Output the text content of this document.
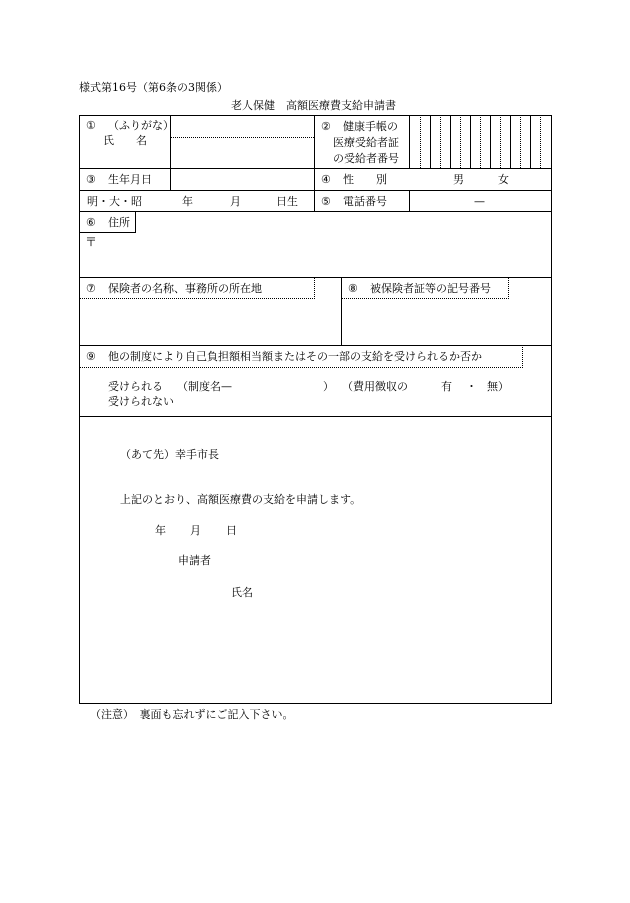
様式第16号（第6条の3関係）
老人保健　高額医療費支給申請書
① （ふりがな）
氏　　名
② 健康手帳の
医療受給者証
の受給者番号
③ 生年月日
明・大・昭	年	月	日生
④ 性　　別	男	女
⑤ 電話番号	—
⑥ 住所
〒
⑦ 保険者の名称、事務所の所在地	⑧ 被保険者証等の記号番号
⑨ 他の制度により自己負担額相当額またはその一部の支給を受けられるか否か
受けられる （制度名—	） （費用徴収の	有 ・ 無）
受けられない
（あて先）幸手市長
上記のとおり、高額医療費の支給を申請します。
年 月 日
申請者
氏名
（注意）　裏面も忘れずにご記入下さい。
